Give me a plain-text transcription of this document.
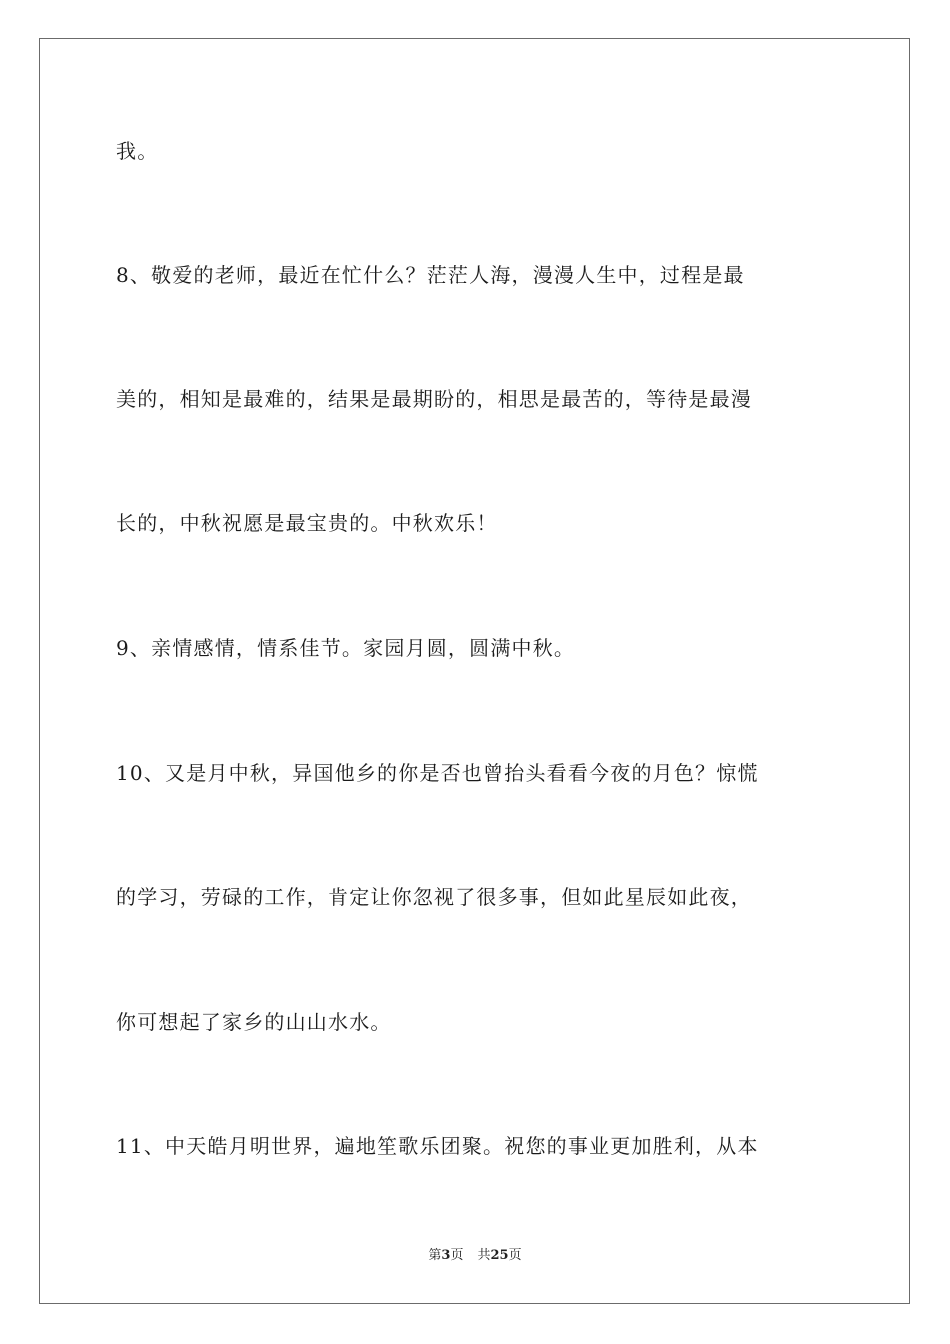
我。
8、敬爱的老师，最近在忙什么？茫茫人海，漫漫人生中，过程是最
美的，相知是最难的，结果是最期盼的，相思是最苦的，等待是最漫
长的，中秋祝愿是最宝贵的。中秋欢乐！
9、亲情感情，情系佳节。家园月圆，圆满中秋。
10、又是月中秋，异国他乡的你是否也曾抬头看看今夜的月色？惊慌
的学习，劳碌的工作，肯定让你忽视了很多事，但如此星辰如此夜，
你可想起了家乡的山山水水。
11、中天皓月明世界，遍地笙歌乐团聚。祝您的事业更加胜利，从本
第3页 共25页
